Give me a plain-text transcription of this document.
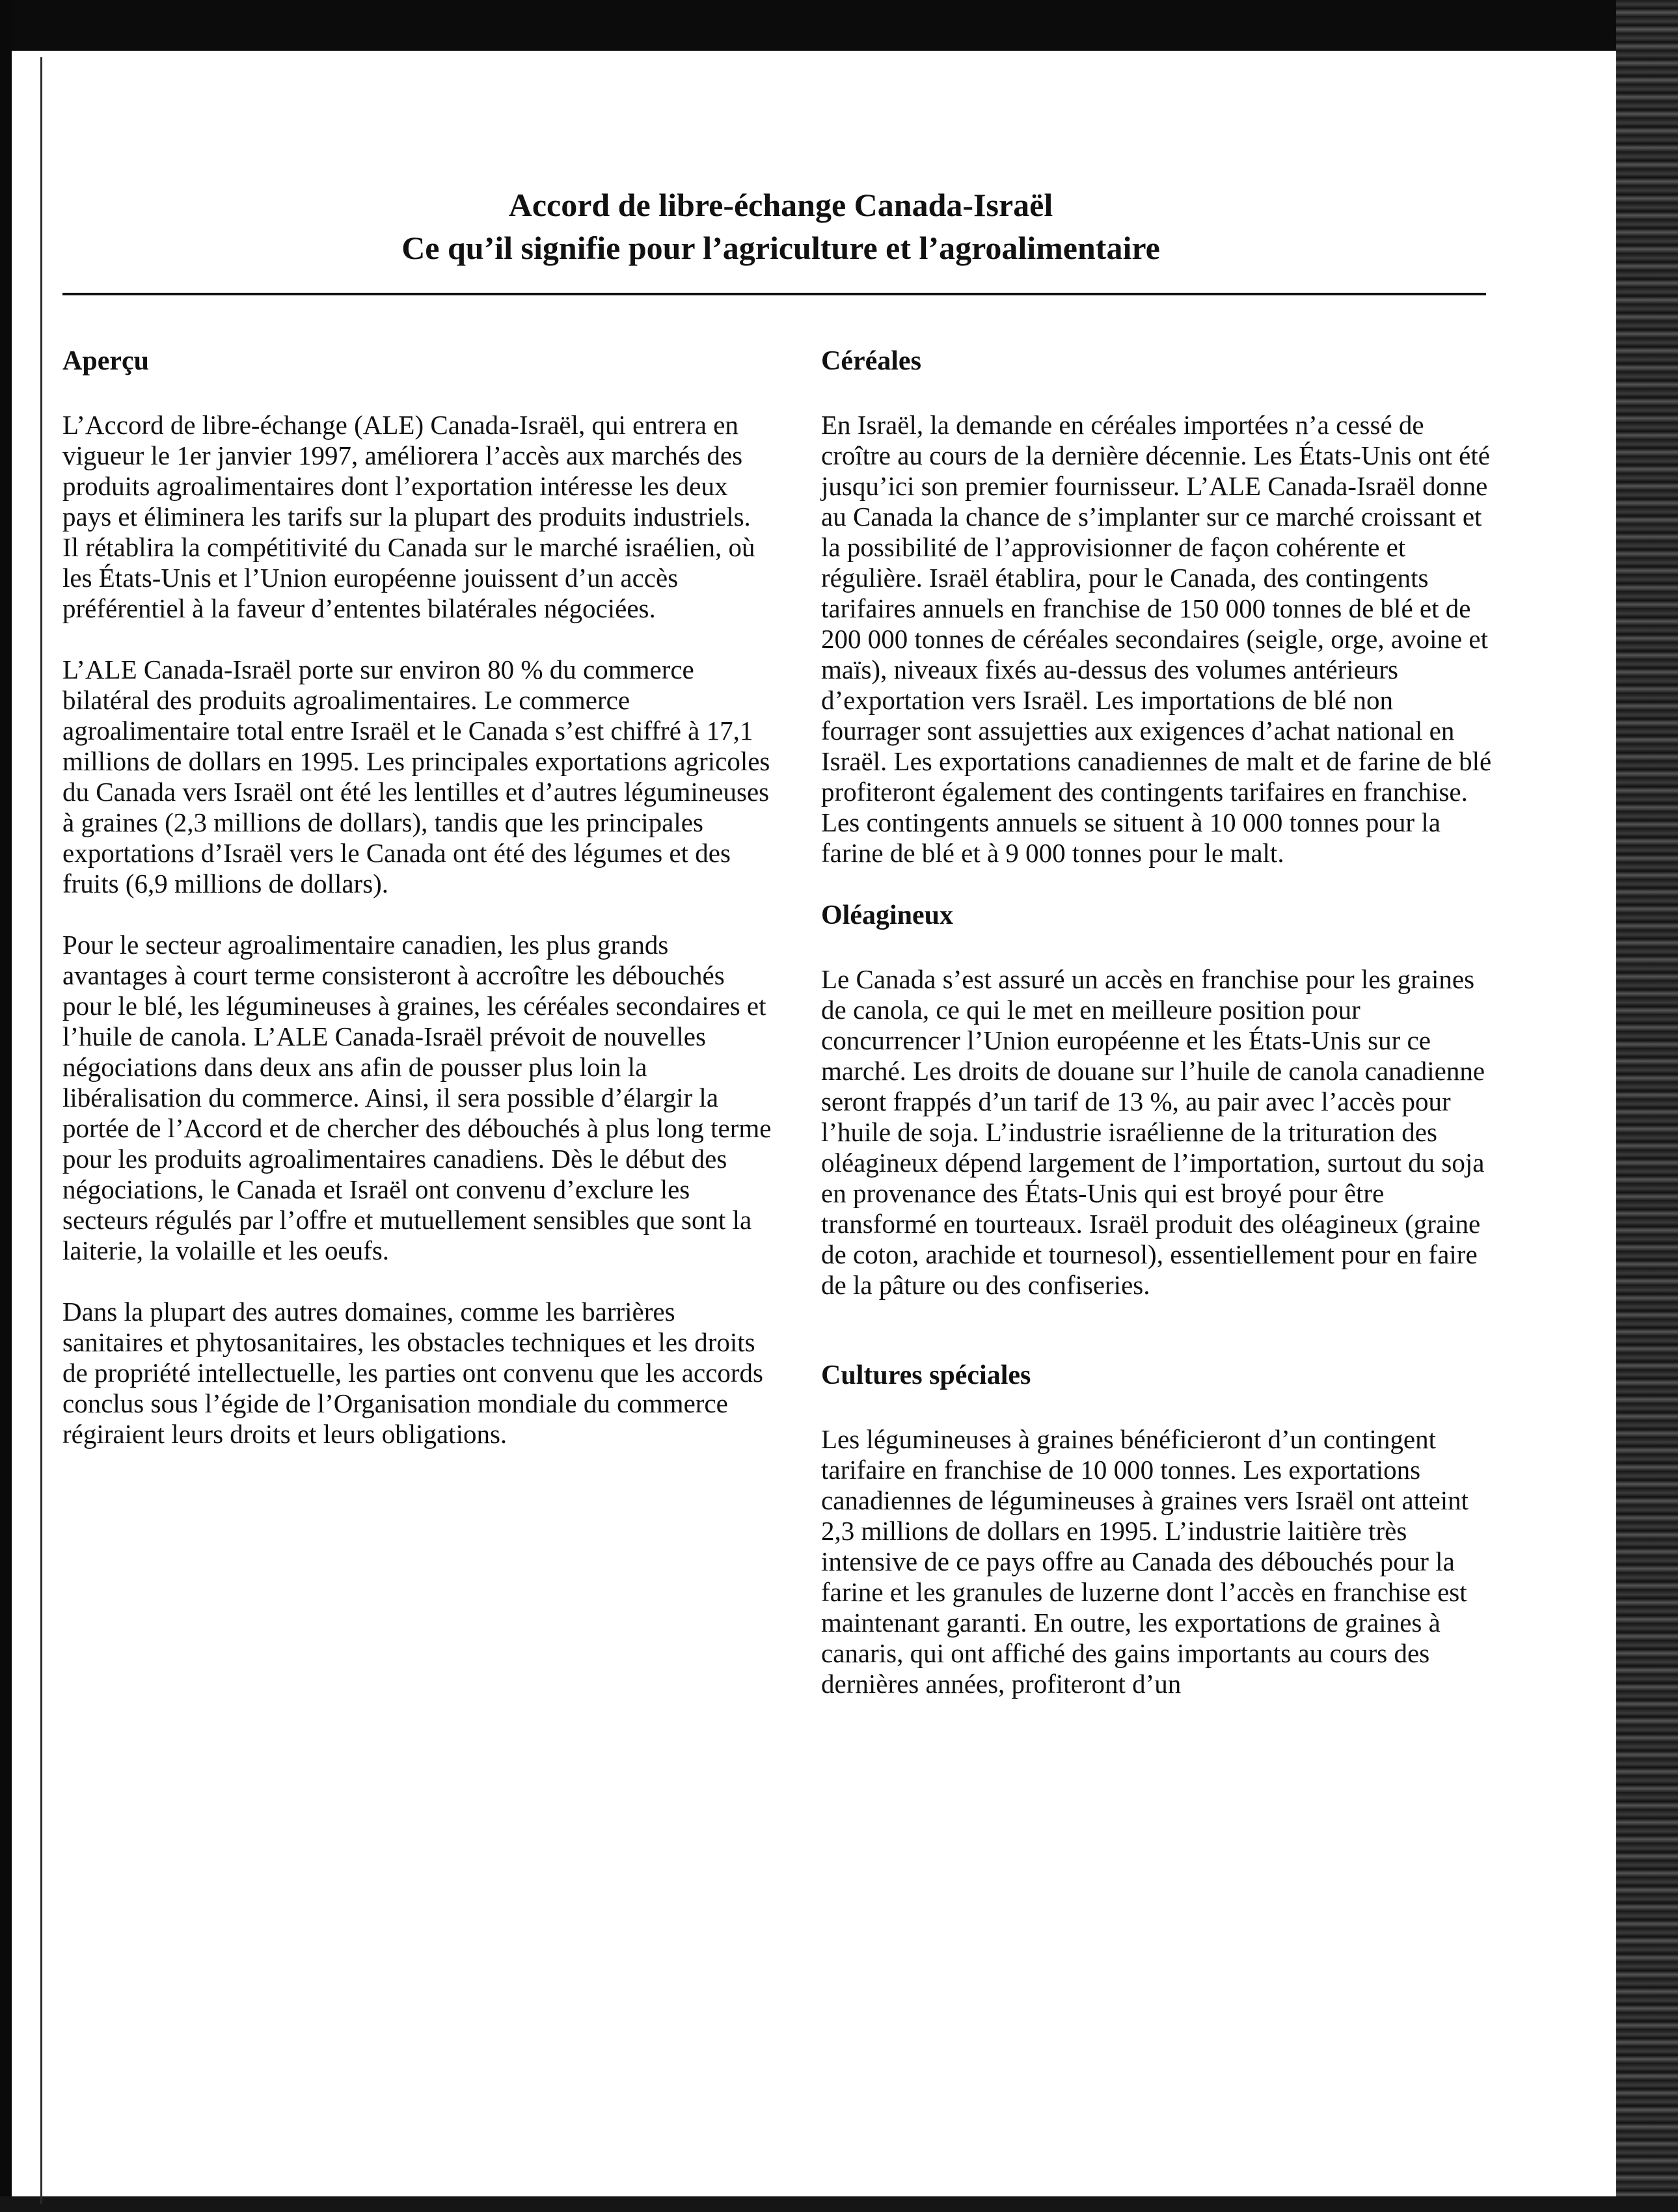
Accord de libre-échange Canada-Israël
Ce qu’il signifie pour l’agriculture et l’agroalimentaire
Aperçu

L’Accord de libre-échange (ALE) Canada-Israël, qui entrera en vigueur le 1er janvier 1997, améliorera l’accès aux marchés des produits agroalimentaires dont l’exportation intéresse les deux pays et éliminera les tarifs sur la plupart des produits industriels. Il rétablira la compétitivité du Canada sur le marché israélien, où les États-Unis et l’Union européenne jouissent d’un accès préférentiel à la faveur d’ententes bilatérales négociées.

L’ALE Canada-Israël porte sur environ 80 % du commerce bilatéral des produits agroalimentaires. Le commerce agroalimentaire total entre Israël et le Canada s’est chiffré à 17,1 millions de dollars en 1995. Les principales exportations agricoles du Canada vers Israël ont été les lentilles et d’autres légumineuses à graines (2,3 millions de dollars), tandis que les principales exportations d’Israël vers le Canada ont été des légumes et des fruits (6,9 millions de dollars).

Pour le secteur agroalimentaire canadien, les plus grands avantages à court terme consisteront à accroître les débouchés pour le blé, les légumineuses à graines, les céréales secondaires et l’huile de canola. L’ALE Canada-Israël prévoit de nouvelles négociations dans deux ans afin de pousser plus loin la libéralisation du commerce. Ainsi, il sera possible d’élargir la portée de l’Accord et de chercher des débouchés à plus long terme pour les produits agroalimentaires canadiens. Dès le début des négociations, le Canada et Israël ont convenu d’exclure les secteurs régulés par l’offre et mutuellement sensibles que sont la laiterie, la volaille et les oeufs.

Dans la plupart des autres domaines, comme les barrières sanitaires et phytosanitaires, les obstacles techniques et les droits de propriété intellectuelle, les parties ont convenu que les accords conclus sous l’égide de l’Organisation mondiale du commerce régiraient leurs droits et leurs obligations.

Céréales

En Israël, la demande en céréales importées n’a cessé de croître au cours de la dernière décennie. Les États-Unis ont été jusqu’ici son premier fournisseur. L’ALE Canada-Israël donne au Canada la chance de s’implanter sur ce marché croissant et la possibilité de l’approvisionner de façon cohérente et régulière. Israël établira, pour le Canada, des contingents tarifaires annuels en franchise de 150 000 tonnes de blé et de 200 000 tonnes de céréales secondaires (seigle, orge, avoine et maïs), niveaux fixés au-dessus des volumes antérieurs d’exportation vers Israël. Les importations de blé non fourrager sont assujetties aux exigences d’achat national en Israël. Les exportations canadiennes de malt et de farine de blé profiteront également des contingents tarifaires en franchise. Les contingents annuels se situent à 10 000 tonnes pour la farine de blé et à 9 000 tonnes pour le malt.

Oléagineux

Le Canada s’est assuré un accès en franchise pour les graines de canola, ce qui le met en meilleure position pour concurrencer l’Union européenne et les États-Unis sur ce marché. Les droits de douane sur l’huile de canola canadienne seront frappés d’un tarif de 13 %, au pair avec l’accès pour l’huile de soja. L’industrie israélienne de la trituration des oléagineux dépend largement de l’importation, surtout du soja en provenance des États-Unis qui est broyé pour être transformé en tourteaux. Israël produit des oléagineux (graine de coton, arachide et tournesol), essentiellement pour en faire de la pâture ou des confiseries.

Cultures spéciales

Les légumineuses à graines bénéficieront d’un contingent tarifaire en franchise de 10 000 tonnes. Les exportations canadiennes de légumineuses à graines vers Israël ont atteint 2,3 millions de dollars en 1995. L’industrie laitière très intensive de ce pays offre au Canada des débouchés pour la farine et les granules de luzerne dont l’accès en franchise est maintenant garanti. En outre, les exportations de graines à canaris, qui ont affiché des gains importants au cours des dernières années, profiteront d’un
